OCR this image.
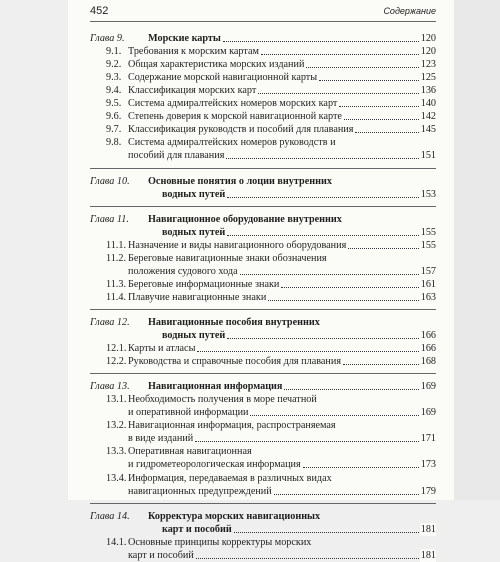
452	Содержание
Глава 9. Морские карты	120
9.1. Требования к морским картам	120
9.2. Общая характеристика морских изданий	123
9.3. Содержание морской навигационной карты	125
9.4. Классификация морских карт	136
9.5. Система адмиралтейских номеров морских карт	140
9.6. Степень доверия к морской навигационной карте	142
9.7. Классификация руководств и пособий для плавания	145
9.8. Система адмиралтейских номеров руководств и
пособий для плавания	151
Глава 10. Основные понятия о лоции внутренних
водных путей	153
Глава 11. Навигационное оборудование внутренних
водных путей	155
11.1. Назначение и виды навигационного оборудования	155
11.2. Береговые навигационные знаки обозначения
положения судового хода	157
11.3. Береговые информационные знаки	161
11.4. Плавучие навигационные знаки	163
Глава 12. Навигационные пособия внутренних
водных путей	166
12.1. Карты и атласы	166
12.2. Руководства и справочные пособия для плавания	168
Глава 13. Навигационная информация	169
13.1. Необходимость получения в море печатной
и оперативной информации	169
13.2. Навигационная информация, распространяемая
в виде изданий	171
13.3. Оперативная навигационная
и гидрометеорологическая информация	173
13.4. Информация, передаваемая в различных видах
навигационных предупреждений	179
Глава 14. Корректура морских навигационных
карт и пособий	181
14.1. Основные принципы корректуры морских
карт и пособий	181
